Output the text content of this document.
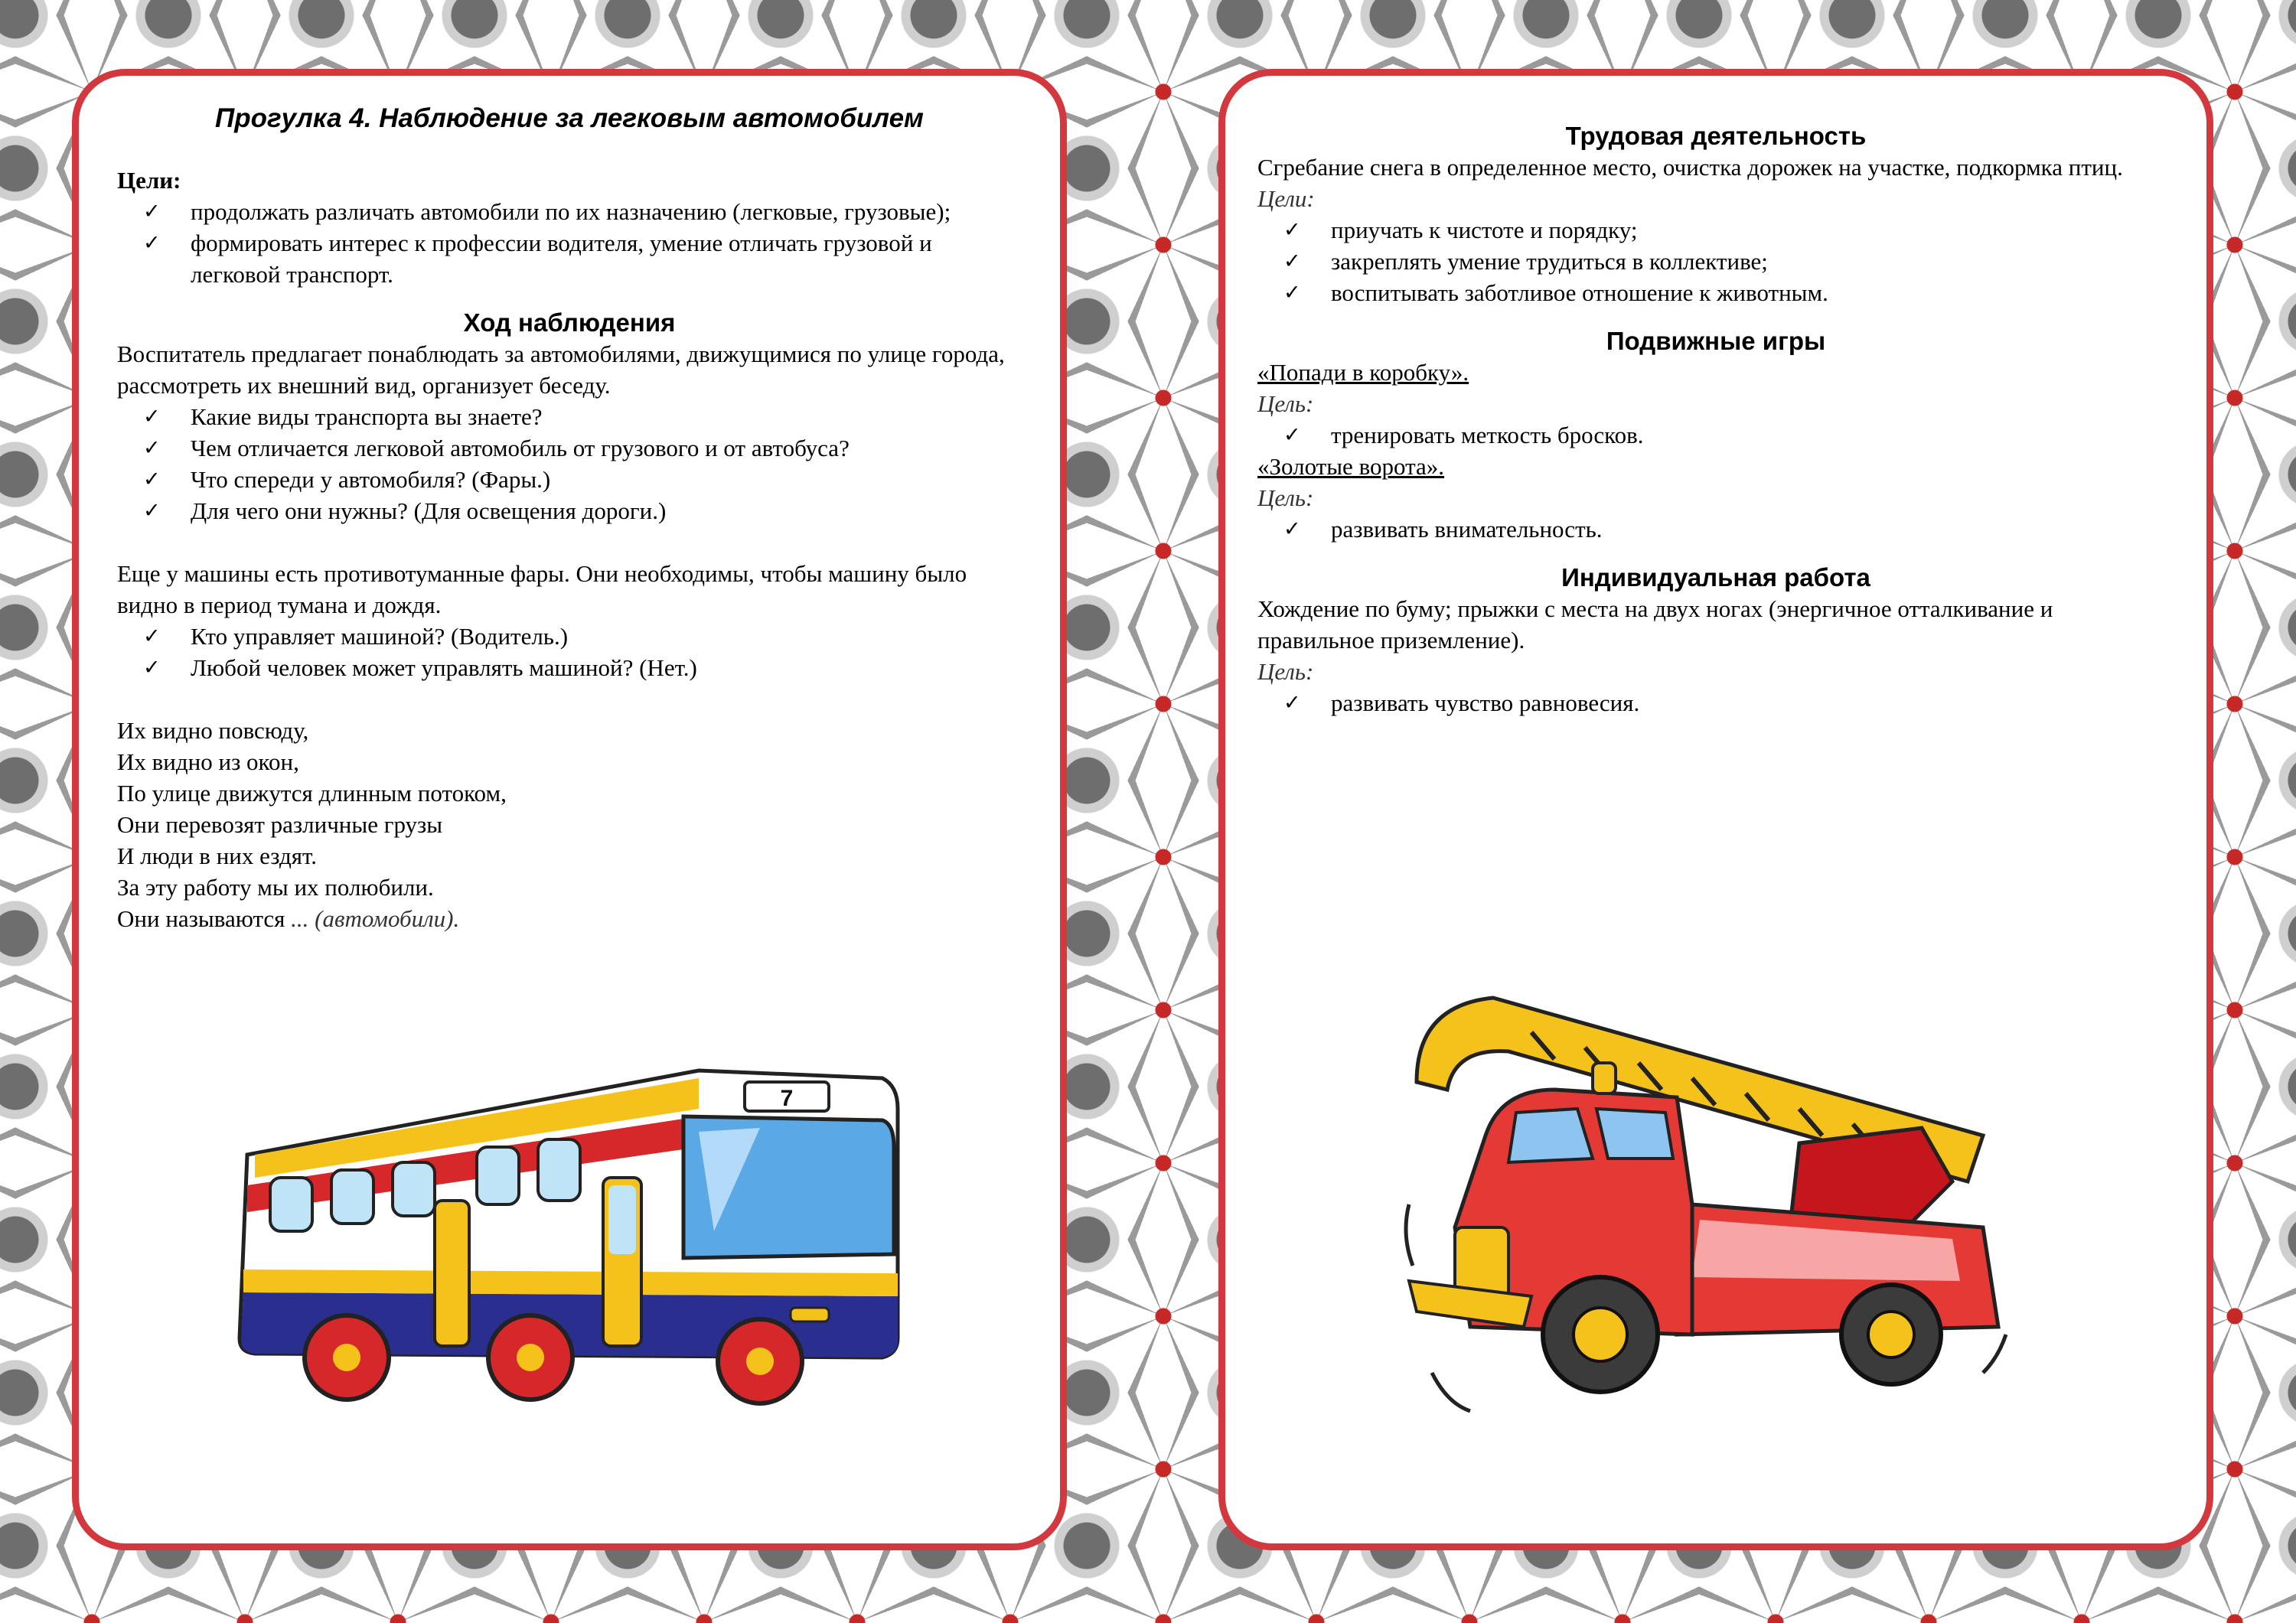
Прогулка 4. Наблюдение за легковым автомобилем
Цели:
✓ продолжать различать автомобили по их назначению (легковые, грузовые);
✓ формировать интерес к профессии водителя, умение отличать грузовой и легковой транспорт.
Ход наблюдения

Воспитатель предлагает понаблюдать за автомобилями, движущимися по улице города, рассмотреть их внешний вид, организует беседу.

✓ Какие виды транспорта вы знаете?
✓ Чем отличается легковой автомобиль от грузового и от автобуса?
✓ Что спереди у автомобиля? (Фары.)
✓ Для чего они нужны? (Для освещения дороги.)

Еще у машины есть противотуманные фары. Они необходимы, чтобы машину было видно в период тумана и дождя.

✓ Кто управляет машиной? (Водитель.)
✓ Любой человек может управлять машиной? (Нет.)

Их видно повсюду,

Их видно из окон,

По улице движутся длинным потоком,

Они перевозят различные грузы

И люди в них ездят.

За эту работу мы их полюбили.

Они называются ... (автомобили).

7
Трудовая деятельность

Сгребание снега в определенное место, очистка дорожек на участке, подкормка птиц.

Цели:
✓ приучать к чистоте и порядку;
✓ закреплять умение трудиться в коллективе;
✓ воспитывать заботливое отношение к животным.
Подвижные игры
«Попади в коробку».
Цель:
✓ тренировать меткость бросков.
«Золотые ворота».
Цель:
✓ развивать внимательность.
Индивидуальная работа

Хождение по буму; прыжки с места на двух ногах (энергичное отталкивание и правильное приземление).

Цель:
✓ развивать чувство равновесия.
